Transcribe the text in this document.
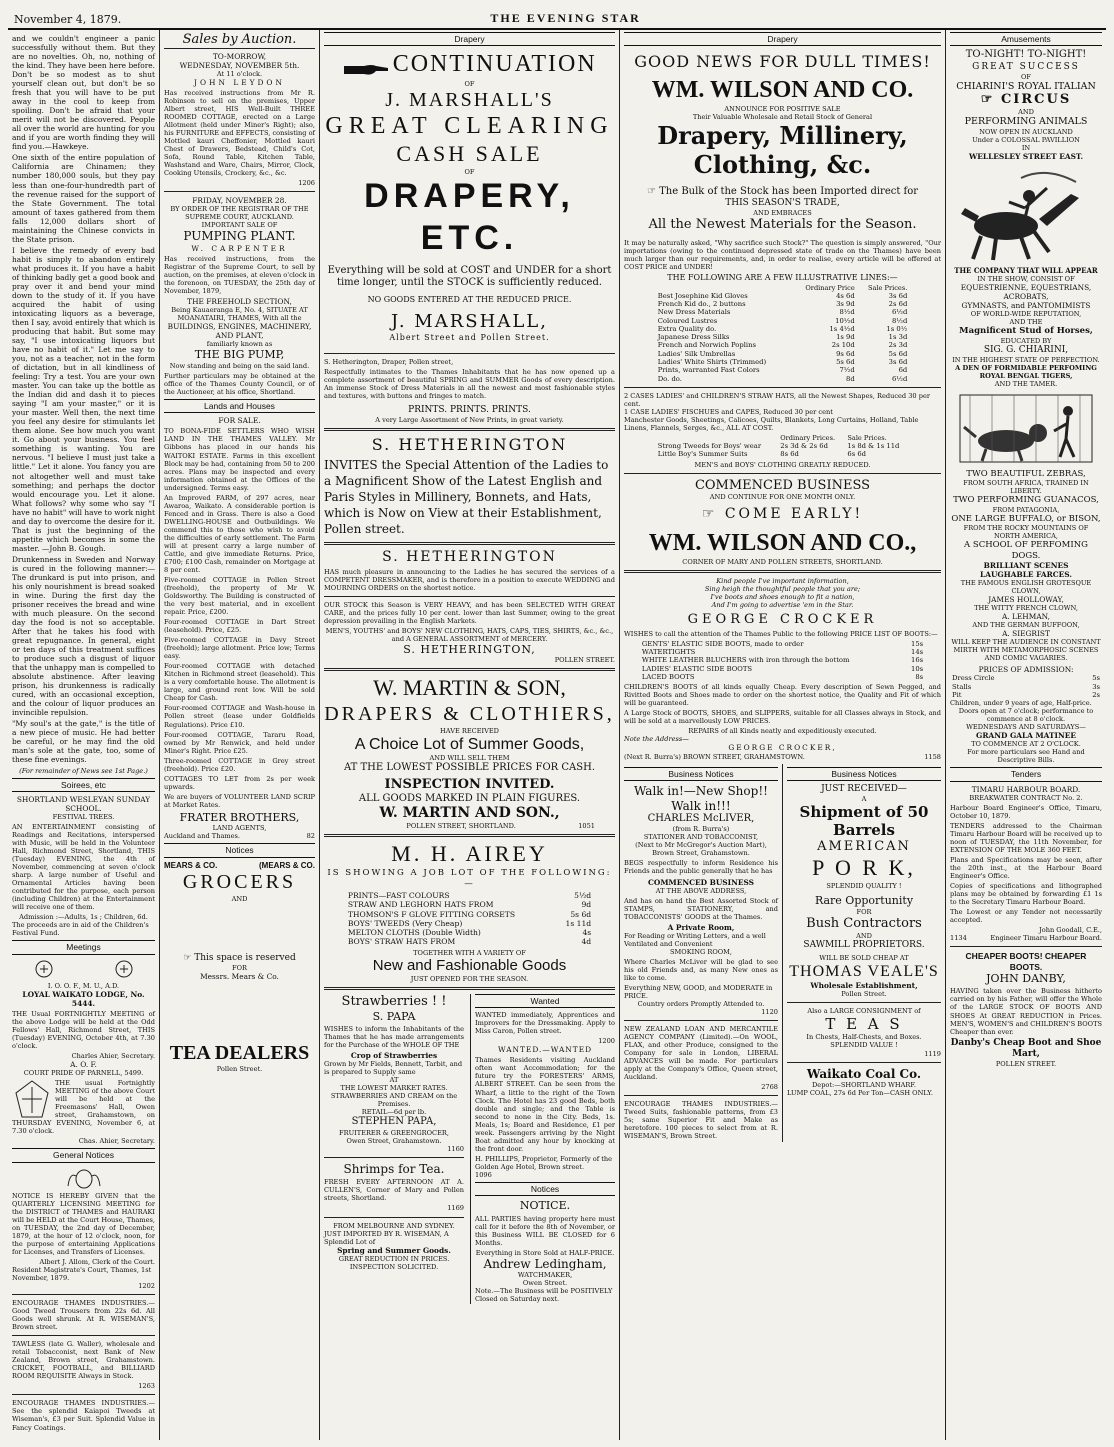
November 4, 1879.	THE EVENING STAR

and we couldn't engineer a panic successfully without them. But they are no novelties. Oh, no, nothing of the kind. They have been here before. Don't be so modest as to shut yourself clean out, but don't be so fresh that you will have to be put away in the cool to keep from spoiling. Don't be afraid that your merit will not be discovered. People all over the world are hunting for you and if you are worth finding they will find you.—Hawkeye.

One sixth of the entire population of California are Chinamen; they number 180,000 souls, but they pay less than one-four-hundredth part of the revenue raised for the support of the State Government. The total amount of taxes gathered from them falls 12,000 dollars short of maintaining the Chinese convicts in the State prison.

I believe the remedy of every bad habit is simply to abandon entirely what produces it. If you have a habit of thinking badly get a good book and pray over it and bend your mind down to the study of it. If you have acquired the habit of using intoxicating liquors as a beverage, then I say, avoid entirely that which is producing that habit. But some may say, "I use intoxicating liquors but have no habit of it." Let me say to you, not as a teacher, not in the form of dictation, but in all kindliness of feeling: Try a test. You are your own master. You can take up the bottle as the Indian did and dash it to pieces saying "I am your master," or it is your master. Well then, the next time you feel any desire for stimulants let them alone. See how much you want it. Go about your business. You feel something is wanting. You are nervous. "I believe I must just take a little." Let it alone. You fancy you are not altogether well and must take something; and perhaps the doctor would encourage you. Let it alone. What follows? why some who say "I have no habit" will have to work night and day to overcome the desire for it. That is just the beginning of the appetite which becomes in some the master. —John B. Gough.

Drunkenness in Sweden and Norway is cured in the following manner:—The drunkard is put into prison, and his only nourishment is bread soaked in wine. During the first day the prisoner receives the bread and wine with much pleasure. On the second day the food is not so acceptable. After that he takes his food with great repugnance. In general, eight or ten days of this treatment suffices to produce such a disgust of liquor that the unhappy man is compelled to absolute abstinence. After leaving prison, his drunkenness is radically cured, with an occasional exception, and the colour of liquor produces an invincible repulsion.

"My soul's at the gate," is the title of a new piece of music. He had better be careful, or he may find the old man's sole at the gate, too, some of these fine evenings.

(For remainder of News see 1st Page.)
Soirees, etc
SHORTLAND WESLEYAN SUNDAY SCHOOL.
FESTIVAL TREES.

AN ENTERTAINMENT consisting of Readings and Recitations, interspersed with Music, will be held in the Volunteer Hall, Richmond Street, Shortland, THIS (Tuesday) EVENING, the 4th of November, commencing at seven o'clock sharp. A large number of Useful and Ornamental Articles having been contributed for the purpose, each person (including Children) at the Entertainment will receive one of them.

Admission :—Adults, 1s ; Children, 6d.
The proceeds are in aid of the Children's Festival Fund.
Meetings
I. O. O. F., M. U., A.D.
LOYAL WAIKATO LODGE, No. 5444.

THE Usual FORTNIGHTLY MEETING of the above Lodge will be held at the Odd Fellows' Hall, Richmond Street, THIS (Tuesday) EVENING, October 4th, at 7.30 o'clock.

Charles Ahier, Secretary.
A. O. F.
COURT PRIDE OF PARNELL, 5499.

THE usual Fortnightly MEETING of the above Court will be held at the Freemasons' Hall, Owen street, Grahamstown, on THURSDAY EVENING, November 6, at 7.30 o'clock.

Chas. Ahier, Secretary.
General Notices

NOTICE IS HEREBY GIVEN that the QUARTERLY LICENSING MEETING for the DISTRICT of THAMES and HAURAKI will be HELD at the Court House, Thames, on TUESDAY, the 2nd day of December, 1879, at the hour of 12 o'clock, noon, for the purpose of entertaining Applications for Licenses, and Transfers of Licenses.

Albert J. Allom, Clerk of the Court.
Resident Magistrate's Court, Thames, 1st November, 1879.
1202

ENCOURAGE THAMES INDUSTRIES.—Good Tweed Trousers from 22s 6d. All Goods well shrunk. At R. WISEMAN'S, Brown street.

TAWLESS (late G. Waller), wholesale and retail Tobacconist, next Bank of New Zealand, Brown street, Grahamstown. CRICKET, FOOTBALL, and BILLIARD ROOM REQUISITE Always in Stock.

1263

ENCOURAGE THAMES INDUSTRIES.—See the splendid Kaiapoi Tweeds at Wiseman's, £3 per Suit. Splendid Value in Fancy Coatings.

Sales by Auction.
TO-MORROW,
WEDNESDAY, NOVEMBER 5th.
At 11 o'clock.
JOHN LEYDON

Has received instructions from Mr R. Robinson to sell on the premises, Upper Albert street, HIS Well-Built THREE ROOMED COTTAGE, erected on a Large Allotment (held under Miner's Right); also, his FURNITURE and EFFECTS, consisting of Mottled kauri Cheffonier, Mottled kauri Chest of Drawers, Bedstead, Child's Cot, Sofa, Round Table, Kitchen Table, Washstand and Ware, Chairs, Mirror, Clock, Cooking Utensils, Crockery, &c., &c.

1206
FRIDAY, NOVEMBER 28.
BY ORDER OF THE REGISTRAR OF THE SUPREME COURT, AUCKLAND.
IMPORTANT SALE OF
PUMPING PLANT.
W. CARPENTER

Has received instructions, from the Registrar of the Supreme Court, to sell by auction, on the premises, at eleven o'clock in the forenoon, on TUESDAY, the 25th day of November, 1879,

THE FREEHOLD SECTION,
Being Kauaeranga E, No. 4, SITUATE AT MOANATAIRI, THAMES, With all the
BUILDINGS, ENGINES, MACHINERY, AND PLANT,
familiarly known as
THE BIG PUMP,
Now standing and being on the said land.

Further particulars may be obtained at the office of the Thames County Council, or of the Auctioneer, at his office, Shortland.

Lands and Houses
FOR SALE.

TO BONA-FIDE SETTLERS WHO WISH LAND IN THE THAMES VALLEY. Mr Gibbons has placed in our hands his WAITOKI ESTATE. Farms in this excellent Block may be had, containing from 50 to 200 acres. Plans may be inspected and every information obtained at the Offices of the undersigned. Terms easy.

An Improved FARM, of 297 acres, near Awaroa, Waikato. A considerable portion is Fenced and in Grass. There is also a Good DWELLING-HOUSE and Outbuildings. We commend this to those who wish to avoid the difficulties of early settlement. The Farm will at present carry a large number of Cattle, and give immediate Returns. Price, £700; £100 Cash, remainder on Mortgage at 8 per cent.

Five-roomed COTTAGE in Pollen Street (freehold), the property of Mr W. Goldsworthy. The Building is constructed of the very best material, and in excellent repair. Price, £200.

Four-roomed COTTAGE in Dart Street (leasehold). Price, £25.

Five-roomed COTTAGE in Davy Street (freehold); large allotment. Price low; Terms easy.

Four-roomed COTTAGE with detached Kitchen in Richmond street (leasehold). This is a very comfortable house. The allotment is large, and ground rent low. Will be sold Cheap for Cash.

Four-roomed COTTAGE and Wash-house in Pollen street (lease under Goldfields Regulations). Price £10.

Four-roomed COTTAGE, Tararu Road, owned by Mr Renwick, and held under Miner's Right. Price £25.

Three-roomed COTTAGE in Grey street (freehold). Price £20.

COTTAGES TO LET from 2s per week upwards.

We are buyers of VOLUNTEER LAND SCRIP at Market Rates.

FRATER BROTHERS,
LAND AGENTS,
Auckland and Thames.	82
Notices
MEARS & CO.	(MEARS & CO.
GROCERS
AND
☞ This space is reserved
FOR
Messrs. Mears & Co.
TEA DEALERS
Pollen Street.
Drapery
CONTINUATION
OF
J. MARSHALL'S
GREAT CLEARING
CASH SALE
OF
DRAPERY, ETC.

Everything will be sold at COST and UNDER for a short time longer, until the STOCK is sufficiently reduced.

NO GOODS ENTERED AT THE REDUCED PRICE.
J. MARSHALL,
Albert Street and Pollen Street.
S. Hetherington, Draper, Pollen street,

Respectfully intimates to the Thames Inhabitants that he has now opened up a complete assortment of beautiful SPRING and SUMMER Goods of every description. An immense Stock of Dress Materials in all the newest and most fashionable styles and textures, with buttons and fringes to match.

PRINTS. PRINTS. PRINTS.
A very Large Assortment of New Prints, in great variety.
S. HETHERINGTON

INVITES the Special Attention of the Ladies to a Magnificent Show of the Latest English and Paris Styles in Millinery, Bonnets, and Hats, which is Now on View at their Establishment, Pollen street.

S. HETHERINGTON

HAS much pleasure in announcing to the Ladies he has secured the services of a COMPETENT DRESSMAKER, and is therefore in a position to execute WEDDING and MOURNING ORDERS on the shortest notice.

OUR STOCK this Season is VERY HEAVY, and has been SELECTED WITH GREAT CARE, and the prices fully 10 per cent. lower than last Summer, owing to the great depression prevailing in the English Markets.

MEN'S, YOUTHS' and BOYS' NEW CLOTHING, HATS, CAPS, TIES, SHIRTS, &c., &c., and A GENERAL ASSORTMENT of MERCERY.
S. HETHERINGTON,
POLLEN STREET.
W. MARTIN & SON,
DRAPERS & CLOTHIERS,
HAVE RECEIVED
A Choice Lot of Summer Goods,
AND WILL SELL THEM
AT THE LOWEST POSSIBLE PRICES FOR CASH.
INSPECTION INVITED.
ALL GOODS MARKED IN PLAIN FIGURES.
W. MARTIN AND SON.,
POLLEN STREET, SHORTLAND.	1051
M. H. AIREY
IS SHOWING A JOB LOT OF THE FOLLOWING:—
PRINTS—FAST COLOURS	5½d
STRAW AND LEGHORN HATS FROM	9d
THOMSON'S F GLOVE FITTING CORSETS	5s 6d
BOYS' TWEEDS (Very Cheap)	1s 11d
MELTON CLOTHS (Double Width)	4s
BOYS' STRAW HATS FROM	4d
TOGETHER WITH A VARIETY OF
New and Fashionable Goods
JUST OPENED FOR THE SEASON.
Strawberries ! !
S. PAPA

WISHES to inform the Inhabitants of the Thames that he has made arrangements for the Purchase of the WHOLE OF THE

Crop of Strawberries
Grown by Mr Fields, Bennett, Tarbit, and is prepared to Supply same
AT
THE LOWEST MARKET RATES.
STRAWBERRIES AND CREAM on the Premises.
RETAIL—6d per lb.
STEPHEN PAPA,
FRUITERER & GREENGROCER,
Owen Street, Grahamstown.
1160
Shrimps for Tea.

FRESH EVERY AFTERNOON AT A. CULLEN'S, Corner of Mary and Pollen streets, Shortland.

1169
FROM MELBOURNE AND SYDNEY.
JUST IMPORTED BY R. WISEMAN, A Splendid Lot of
Spring and Summer Goods.
GREAT REDUCTION IN PRICES. INSPECTION SOLICITED.
Wanted

WANTED immediately, Apprentices and Improvers for the Dressmaking. Apply to Miss Caron, Pollen street.

1200
WANTED.—WANTED

Thames Residents visiting Auckland often want Accommodation; for the future try the FORESTERS' ARMS, ALBERT STREET. Can be seen from the Wharf, a little to the right of the Town Clock. The Hotel has 23 good Beds, both double and single; and the Table is second to none in the City. Beds, 1s. Meals, 1s; Board and Residence, £1 per week. Passengers arriving by the Night Boat admitted any hour by knocking at the front door.

H. PHILLIPS, Proprietor, Formerly of the Golden Age Hotel, Brown street.
1096
Notices
NOTICE.

ALL PARTIES having property here must call for it before the 8th of November, or this Business WILL BE CLOSED for 6 Months.

Everything in Store Sold at HALF-PRICE.
Andrew Ledingham,
WATCHMAKER,
Owen Street.
Note.—The Business will be POSITIVELY Closed on Saturday next.
Drapery
GOOD NEWS FOR DULL TIMES!
WM. WILSON AND CO.
ANNOUNCE FOR POSITIVE SALE
Their Valuable Wholesale and Retail Stock of General
Drapery, Millinery, Clothing, &c.
☞ The Bulk of the Stock has been Imported direct for
THIS SEASON'S TRADE,
AND EMBRACES
All the Newest Materials for the Season.

It may be naturally asked, "Why sacrifice such Stock?" The question is simply answered, "Our importations (owing to the continued depressed state of trade on the Thames) have been much larger than our requirements, and, in order to realise, every article will be offered at COST PRICE and UNDER!

THE FOLLOWING ARE A FEW ILLUSTRATIVE LINES:—
	Ordinary Price	Sale Prices.
Best Josephine Kid Gloves	4s 6d	3s 6d
French Kid do., 2 buttons	3s 9d	2s 6d
New Dress Materials	8½d	6½d
Coloured Lustres	10½d	8½d
Extra Quality do.	1s 4½d	1s 0½
Japanese Dress Silks	1s 9d	1s 3d
French and Norwich Poplins	2s 10d	2s 3d
Ladies' Silk Umbrellas	9s 6d	5s 6d
Ladies' White Shirts (Trimmed)	5s 6d	3s 6d
Prints, warranted Fast Colors	7½d	6d
Do. do.	8d	6½d
2 CASES LADIES' and CHILDREN'S STRAW HATS, all the Newest Shapes, Reduced 30 per cent.
1 CASE LADIES' FISCHUES and CAPES, Reduced 30 per cent
Manchester Goods, Sheetings, Calicoes, Quilts, Blankets, Long Curtains, Holland, Table Linens, Flannels, Serges, &c., ALL AT COST.
	Ordinary Prices.	Sale Prices.
Strong Tweeds for Boys' wear	2s 3d & 2s 6d	1s 8d & 1s 11d
Little Boy's Summer Suits	8s 6d	6s 6d
MEN'S and BOYS' CLOTHING GREATLY REDUCED.
COMMENCED BUSINESS
AND CONTINUE FOR ONE MONTH ONLY.
☞ COME EARLY!
WM. WILSON AND CO.,
CORNER OF MARY AND POLLEN STREETS, SHORTLAND.
Kind people I've important information,
Sing heigh the thoughtful people that you are;
I've boots and shoes enough to fit a nation,
And I'm going to advertise 'em in the Star.
GEORGE CROCKER

WISHES to call the attention of the Thames Public to the following PRICE LIST OF BOOTS:—

GENTS' ELASTIC SIDE BOOTS, made to order	15s
WATERTIGHTS	14s
WHITE LEATHER BLUCHERS with iron through the bottom	16s
LADIES' ELASTIC SIDE BOOTS	10s
LACED BOOTS	8s

CHILDREN'S BOOTS of all kinds equally Cheap. Every description of Sewn Pegged, and Rivitted Boots and Shoes made to order on the shortest notice, the Quality and Fit of which will be guaranteed.

A Large Stock of BOOTS, SHOES, and SLIPPERS, suitable for all Classes always in Stock, and will be sold at a marvellously LOW PRICES.

REPAIRS of all Kinds neatly and expeditiously executed.
Note the Address—
GEORGE CROCKER,
(Next R. Burra's) BROWN STREET, GRAHAMSTOWN.	1158
Business Notices
Walk in!—New Shop!! Walk in!!!
CHARLES McLIVER,
(from R. Burra's)
STATIONER AND TOBACCONIST,
(Next to Mr McGregor's Auction Mart), Brown Street, Grahamstown.

BEGS respectfully to inform Residence his Friends and the public generally that he has

COMMENCED BUSINESS
AT THE ABOVE ADDRESS,

And has on hand the Best Assorted Stock of STAMPS, STATIONERY, and TOBACCONISTS' GOODS at the Thames.

A Private Room,
For Reading or Writing Letters, and a well Ventilated and Convenient
SMOKING ROOM,

Where Charles McLiver will be glad to see his old Friends and, as many New ones as like to come.

Everything NEW, GOOD, and MODERATE in PRICE.
Country orders Promptly Attended to.
1120

NEW ZEALAND LOAN AND MERCANTILE AGENCY COMPANY (Limited).—On WOOL, FLAX, and other Produce, consigned to the Company for sale in London, LIBERAL ADVANCES will be made. For particulars apply at the Company's Office, Queen street, Auckland.

2768

ENCOURAGE THAMES INDUSTRIES.—Tweed Suits, fashionable patterns, from £3 5s; same Superior Fit and Make as heretofore. 100 pieces to select from at R. WISEMAN'S, Brown Street.

Business Notices
JUST RECEIVED—
A
Shipment of 50
Barrels
AMERICAN
P O R K,
SPLENDID QUALITY !
Rare Opportunity
FOR
Bush Contractors
AND
SAWMILL PROPRIETORS.
WILL BE SOLD CHEAP AT
THOMAS VEALE'S
Wholesale Establishment,
Pollen Street.
Also a LARGE CONSIGNMENT of
T E A S
In Chests, Half-Chests, and Boxes.
SPLENDID VALUE !
1119
Waikato Coal Co.
Depot:—SHORTLAND WHARF.
LUMP COAL, 27s 6d Per Ton—CASH ONLY.
Amusements
TO-NIGHT! TO-NIGHT!
GREAT SUCCESS
OF
CHIARINI'S ROYAL ITALIAN
☞ CIRCUS
AND
PERFORMING ANIMALS
NOW OPEN IN AUCKLAND
Under a COLOSSAL PAVILLION
IN
WELLESLEY STREET EAST.
THE COMPANY THAT WILL APPEAR
IN THE SHOW, CONSIST OF
EQUESTRIENNE, EQUESTRIANS,
ACROBATS,
GYMNASTS, and PANTOMIMISTS
OF WORLD-WIDE REPUTATION,
AND THE
Magnificent Stud of Horses,
EDUCATED BY
SIG. G. CHIARINI,
IN THE HIGHEST STATE OF PERFECTION.
A DEN OF FORMIDABLE PERFOMING ROYAL BENGAL TIGERS,
AND THE TAMER.
TWO BEAUTIFUL ZEBRAS,
FROM SOUTH AFRICA, TRAINED IN LIBERTY.
TWO PERFORMING GUANACOS,
FROM PATAGONIA,
ONE LARGE BUFFALO, or BISON,
FROM THE ROCKY MOUNTAINS OF NORTH AMERICA,
A SCHOOL OF PERFOMING DOGS.
BRILLIANT SCENES
LAUGHABLE FARCES.
THE FAMOUS ENGLISH GROTESQUE CLOWN,
JAMES HOLLOWAY,
THE WITTY FRENCH CLOWN,
A. LEHMAN,
AND THE GERMAN BUFFOON,
A. SIEGRIST
WILL KEEP THE AUDIENCE IN CONSTANT MIRTH WITH METAMORPHOSIC SCENES AND COMIC VAGARIES.
PRICES OF ADMISSION:
Dress Circle	5s
Stalls	3s
Pit	2s
Children, under 9 years of age, Half-price.
Doors open at 7 o'clock; performance to commence at 8 o'clock.
WEDNESDAYS AND SATURDAYS—
GRAND GALA MATINEE
TO COMMENCE AT 2 O'CLOCK.
For more particulars see Hand and Descriptive Bills.
Tenders
TIMARU HARBOUR BOARD.
BREAKWATER CONTRACT No. 2.

Harbour Board Engineer's Office, Timaru, October 10, 1879.

TENDERS addressed to the Chairman Timaru Harbour Board will be received up to noon of TUESDAY, the 11th November, for EXTENSION OF THE MOLE 360 FEET.

Plans and Specifications may be seen, after the 20th inst., at the Harbour Board Engineer's Office.

Copies of specifications and lithographed plans may be obtained by forwarding £1 1s to the Secretary Timaru Harbour Board.

The Lowest or any Tender not necessarily accepted.

John Goodall, C.E.,
1134	Engineer Timaru Harbour Board.
CHEAPER BOOTS! CHEAPER BOOTS.
JOHN DANBY,

HAVING taken over the Business hitherto carried on by his Father, will offer the Whole of the LARGE STOCK OF BOOTS AND SHOES At GREAT REDUCTION in Prices. MEN'S, WOMEN'S and CHILDREN'S BOOTS Cheaper than ever.

Danby's Cheap Boot and Shoe Mart,
POLLEN STREET.
